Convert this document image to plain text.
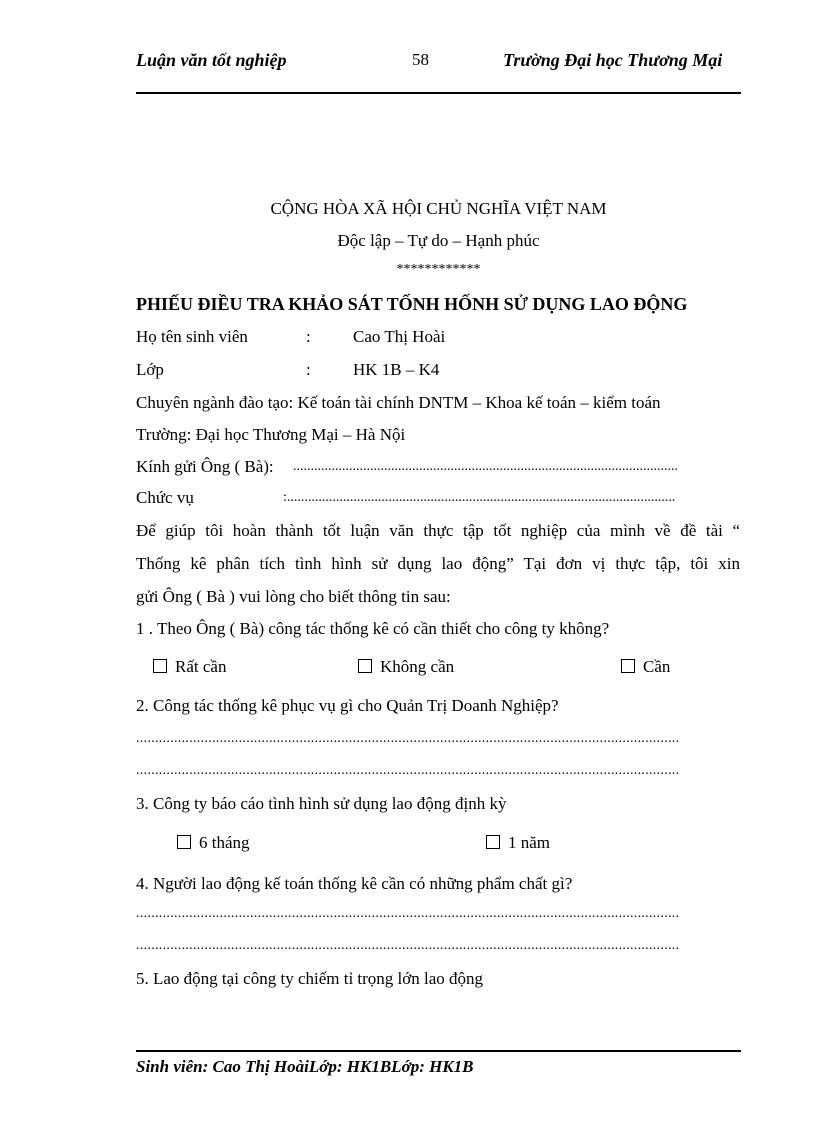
Luận văn tốt nghiệp	58	Trường Đại học Thương Mại
CỘNG HÒA XÃ HỘI CHỦ NGHĨA VIỆT NAM
Độc lập – Tự do – Hạnh phúc
************
PHIẾU ĐIỀU TRA KHẢO SÁT TỐNH HỐNH SỬ DỤNG LAO ĐỘNG
Họ tên sinh viên	: Cao Thị Hoài
Lớp	: HK 1B – K4
Chuyên ngành đào tạo: Kế toán tài chính DNTM – Khoa kế toán – kiểm toán
Trường: Đại học Thương Mại – Hà Nội
Kính gửi Ông ( Bà): ..............................................................................................................
Chức vụ	:...............................................................................................................
Để giúp tôi hoàn thành tốt luận văn thực tập tốt nghiệp của mình về đề tài “
Thống kê phân tích tình hình sử dụng lao động” Tại đơn vị thực tập, tôi xin
gửi Ông ( Bà ) vui lòng cho biết thông tin sau:
1 . Theo Ông ( Bà) công tác thống kê có cần thiết cho công ty không?
Rất cần	Không cần	Cần
2. Công tác thống kê phục vụ gì cho Quản Trị Doanh Nghiệp?
...............................................................................................................................................
...............................................................................................................................................
3. Công ty báo cáo tình hình sử dụng lao động định kỳ
6 tháng	1 năm
4. Người lao động kế toán thống kê cần có những phẩm chất gì?
...............................................................................................................................................
...............................................................................................................................................
5. Lao động tại công ty chiếm tỉ trọng lớn lao động
Sinh viên: Cao Thị HoàiLớp: HK1BLớp: HK1B
